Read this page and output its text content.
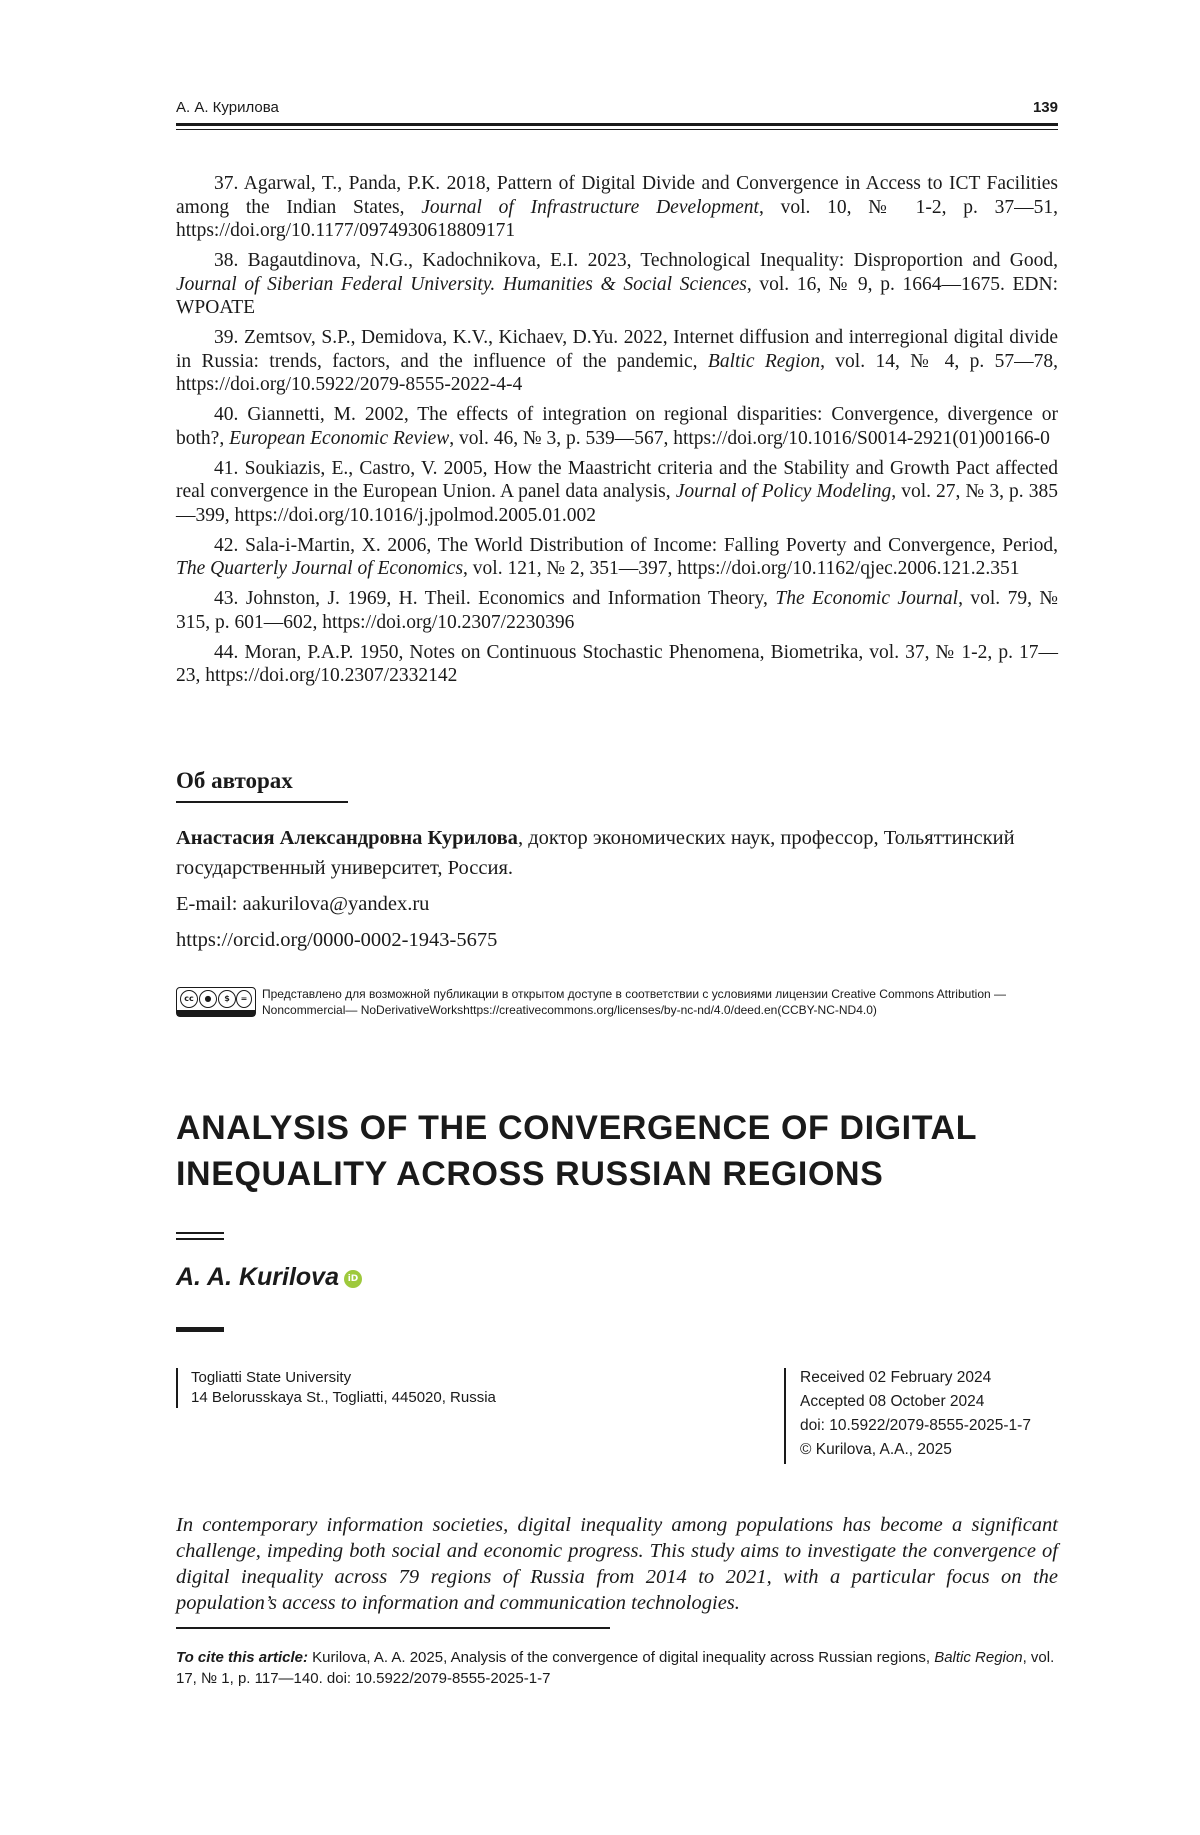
А. А. Курилова	139

37. Agarwal, T., Panda, P.K. 2018, Pattern of Digital Divide and Convergence in Access to ICT Facilities among the Indian States, Journal of Infrastructure Development, vol. 10, № 1-2, p. 37—51, https://doi.org/10.1177/0974930618809171

38. Bagautdinova, N.G., Kadochnikova, E.I. 2023, Technological Inequality: Disproportion and Good, Journal of Siberian Federal University. Humanities & Social Sciences, vol. 16, № 9, p. 1664—1675. EDN: WPOATE

39. Zemtsov, S.P., Demidova, K.V., Kichaev, D.Yu. 2022, Internet diffusion and interregional digital divide in Russia: trends, factors, and the influence of the pandemic, Baltic Region, vol. 14, № 4, p. 57—78, https://doi.org/10.5922/2079-8555-2022-4-4

40. Giannetti, M. 2002, The effects of integration on regional disparities: Convergence, divergence or both?, European Economic Review, vol. 46, № 3, p. 539—567, https://doi.org/10.1016/S0014-2921(01)00166-0

41. Soukiazis, E., Castro, V. 2005, How the Maastricht criteria and the Stability and Growth Pact affected real convergence in the European Union. A panel data analysis, Journal of Policy Modeling, vol. 27, № 3, p. 385—399, https://doi.org/10.1016/j.jpolmod.2005.01.002

42. Sala-i-Martin, X. 2006, The World Distribution of Income: Falling Poverty and Convergence, Period, The Quarterly Journal of Economics, vol. 121, № 2, 351—397, https://doi.org/10.1162/qjec.2006.121.2.351

43. Johnston, J. 1969, H. Theil. Economics and Information Theory, The Economic Journal, vol. 79, № 315, p. 601—602, https://doi.org/10.2307/2230396

44. Moran, P.A.P. 1950, Notes on Continuous Stochastic Phenomena, Biometrika, vol. 37, № 1-2, p. 17—23, https://doi.org/10.2307/2332142

Об авторах

Анастасия Александровна Курилова, доктор экономических наук, профессор, Тольяттинский государственный университет, Россия.

E-mail: aakurilova@yandex.ru

https://orcid.org/0000-0002-1943-5675

cc	●	$	=	Представлено для возможной публикации в открытом доступе в соответствии с условиями лицензии Creative Commons Attribution —Noncommercial— NoDerivativeWorkshttps://creativecommons.org/licenses/by-nc-nd/4.0/deed.en(CCBY-NC-ND4.0)
ANALYSIS OF THE CONVERGENCE OF DIGITAL INEQUALITY ACROSS RUSSIAN REGIONS
A. A. Kurilova iD
Togliatti State University
14 Belorusskaya St., Togliatti, 445020, Russia
Received 02 February 2024
Accepted 08 October 2024
doi: 10.5922/2079-8555-2025-1-7
© Kurilova, A.A., 2025
In contemporary information societies, digital inequality among populations has become a significant challenge, impeding both social and economic progress. This study aims to investigate the convergence of digital inequality across 79 regions of Russia from 2014 to 2021, with a particular focus on the population’s access to information and communication technologies.
To cite this article: Kurilova, A. A. 2025, Analysis of the convergence of digital inequality across Russian regions, Baltic Region, vol. 17, № 1, p. 117—140. doi: 10.5922/2079-8555-2025-1-7
